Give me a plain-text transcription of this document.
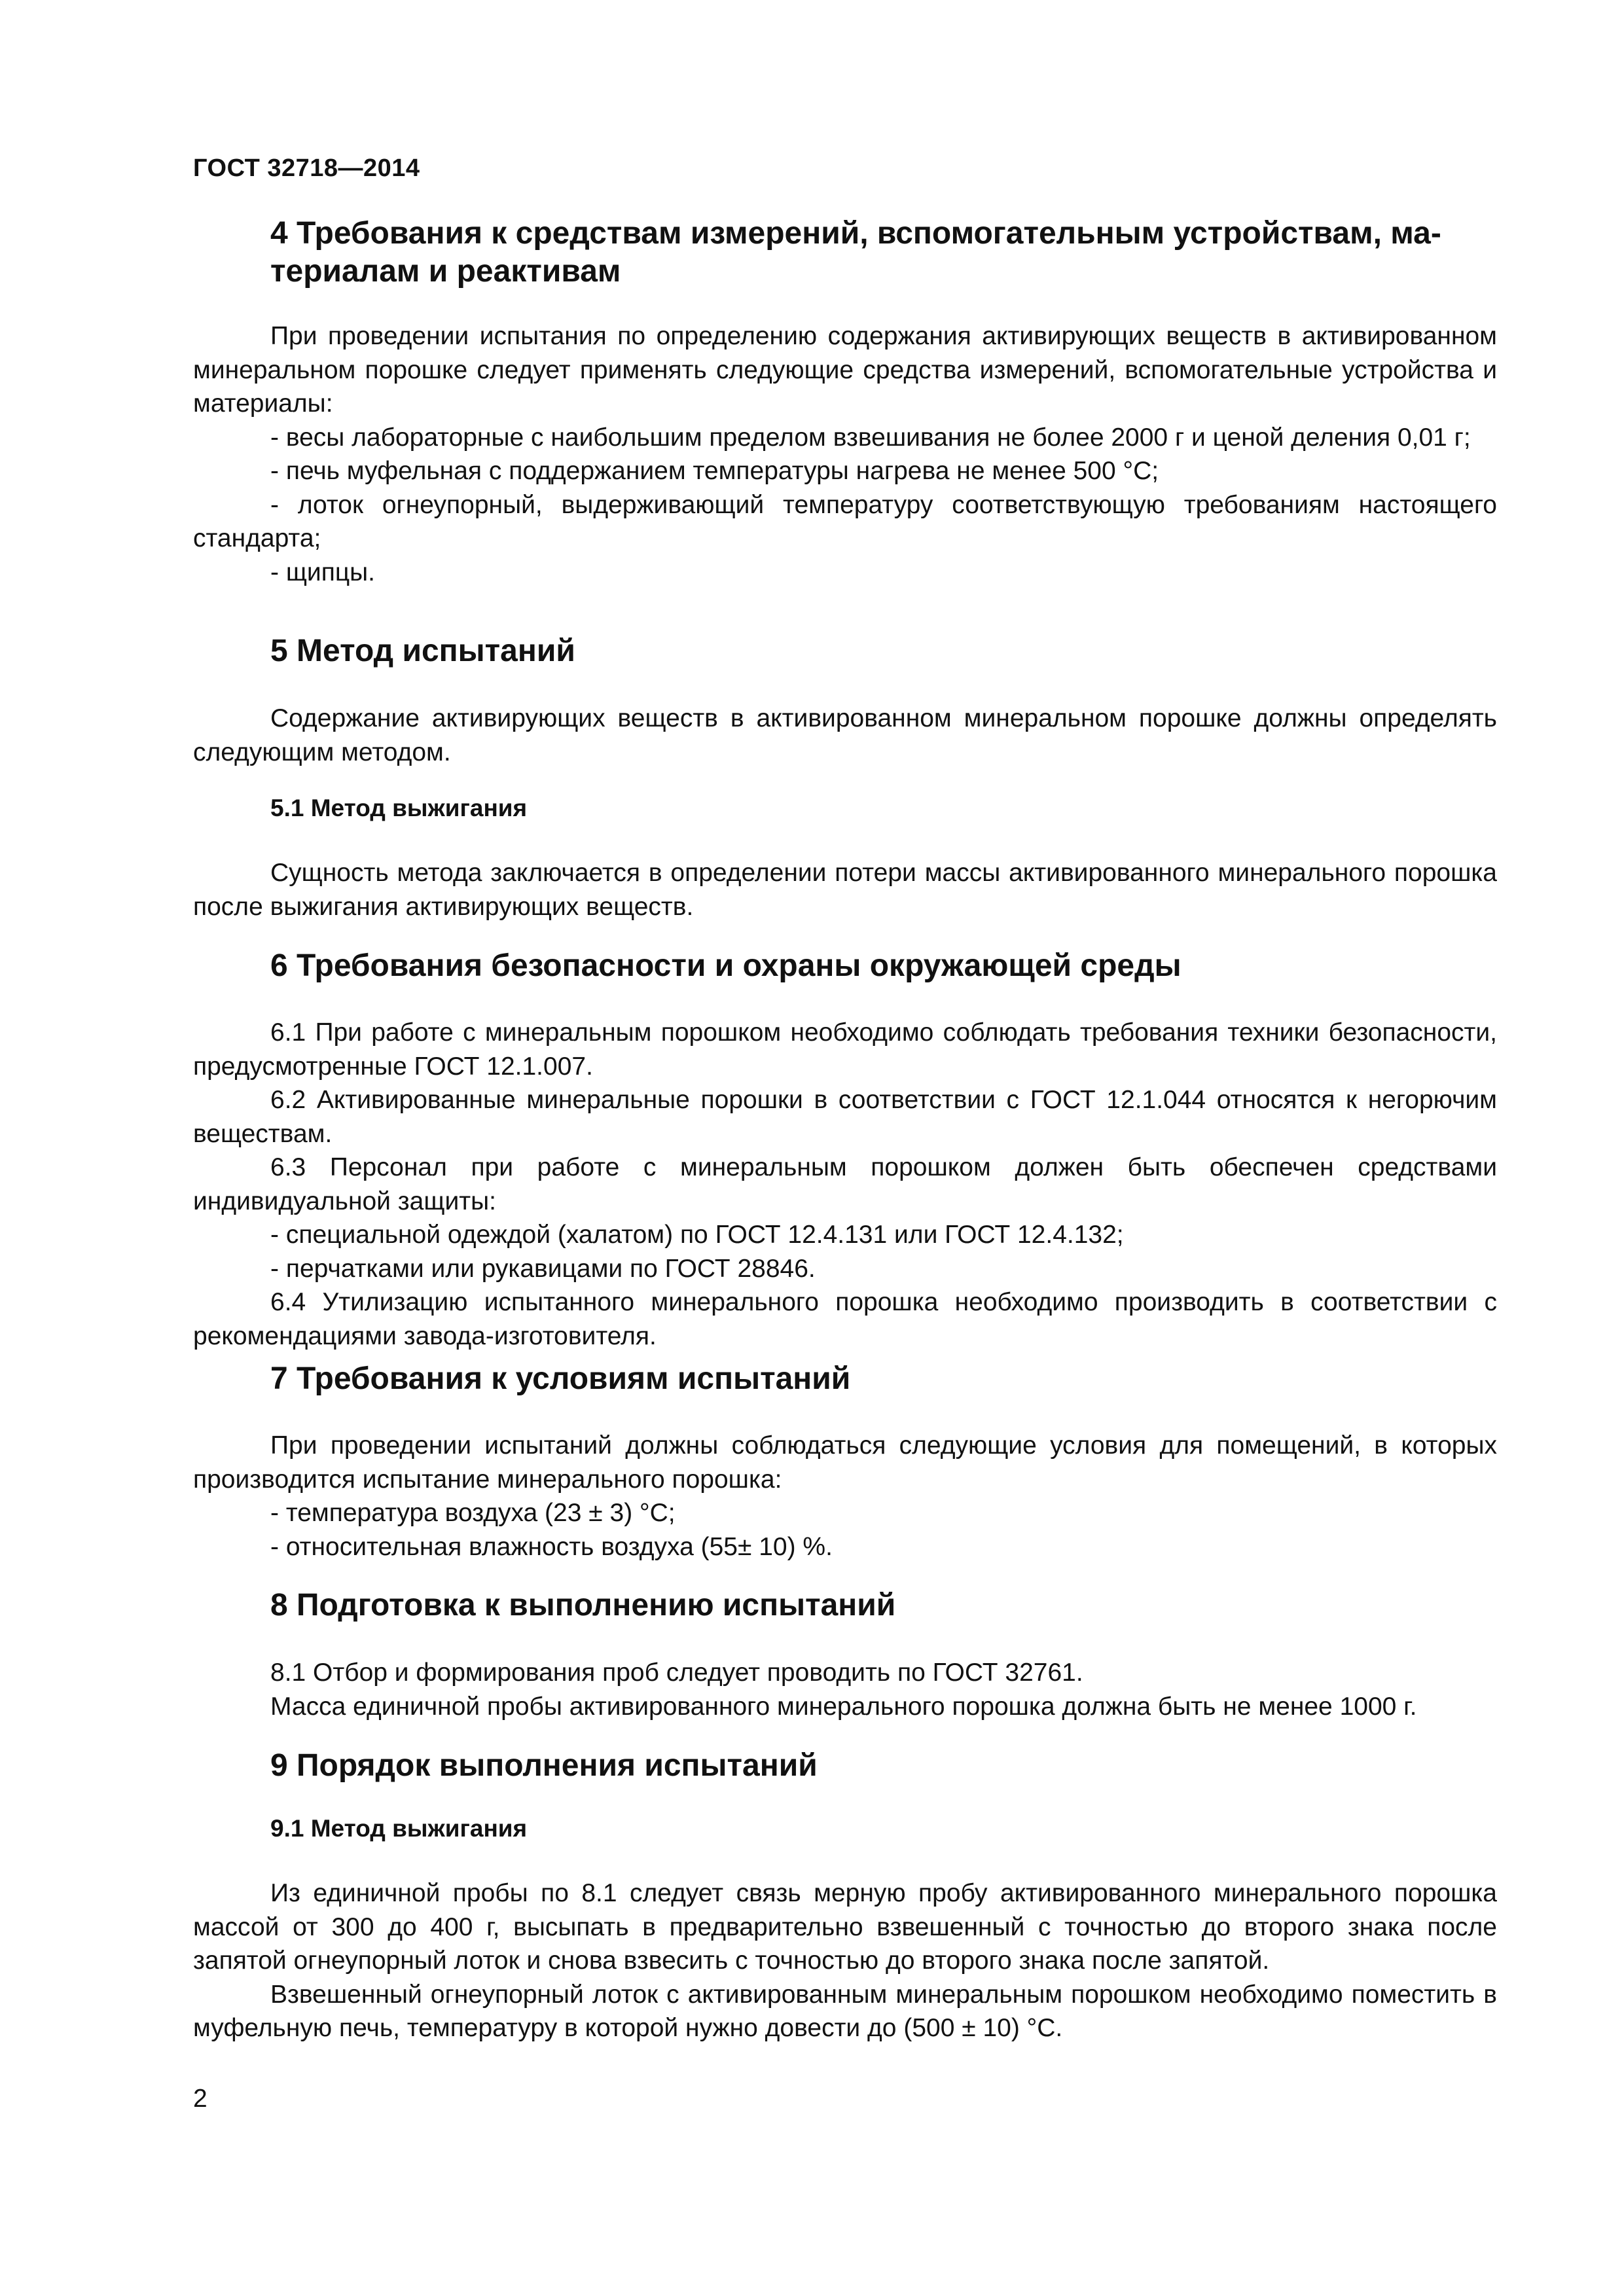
ГОСТ 32718—2014
4 Требования к средствам измерений, вспомогательным устройствам, ма-
териалам и реактивам

При проведении испытания по определению содержания активирующих веществ в активированном минеральном порошке следует применять следующие средства измерений, вспомогательные устройства и материалы:

- весы лабораторные с наибольшим пределом взвешивания не более 2000 г и ценой деления 0,01 г;

- печь муфельная с поддержанием температуры нагрева не менее 500 °С;

- лоток огнеупорный, выдерживающий температуру соответствующую требованиям настоящего стандарта;

- щипцы.

5 Метод испытаний

Содержание активирующих веществ в активированном минеральном порошке должны определять следующим методом.

5.1 Метод выжигания

Сущность метода заключается в определении потери массы активированного минерального порошка после выжигания активирующих веществ.

6 Требования безопасности и охраны окружающей среды

6.1 При работе с минеральным порошком необходимо соблюдать требования техники безопасности, предусмотренные ГОСТ 12.1.007.

6.2 Активированные минеральные порошки в соответствии с ГОСТ 12.1.044 относятся к негорючим веществам.

6.3 Персонал при работе с минеральным порошком должен быть обеспечен средствами индивидуальной защиты:

- специальной одеждой (халатом) по ГОСТ 12.4.131 или ГОСТ 12.4.132;

- перчатками или рукавицами по ГОСТ 28846.

6.4 Утилизацию испытанного минерального порошка необходимо производить в соответствии с рекомендациями завода-изготовителя.

7 Требования к условиям испытаний

При проведении испытаний должны соблюдаться следующие условия для помещений, в которых производится испытание минерального порошка:

- температура воздуха (23 ± 3) °С;

- относительная влажность воздуха (55± 10) %.

8 Подготовка к выполнению испытаний

8.1 Отбор и формирования проб следует проводить по ГОСТ 32761.

Масса единичной пробы активированного минерального порошка должна быть не менее 1000 г.

9 Порядок выполнения испытаний
9.1 Метод выжигания

Из единичной пробы по 8.1 следует связь мерную пробу активированного минерального порошка массой от 300 до 400 г, высыпать в предварительно взвешенный с точностью до второго знака после запятой огнеупорный лоток и снова взвесить с точностью до второго знака после запятой.

Взвешенный огнеупорный лоток с активированным минеральным порошком необходимо поместить в муфельную печь, температуру в которой нужно довести до (500 ± 10) °С.

2
